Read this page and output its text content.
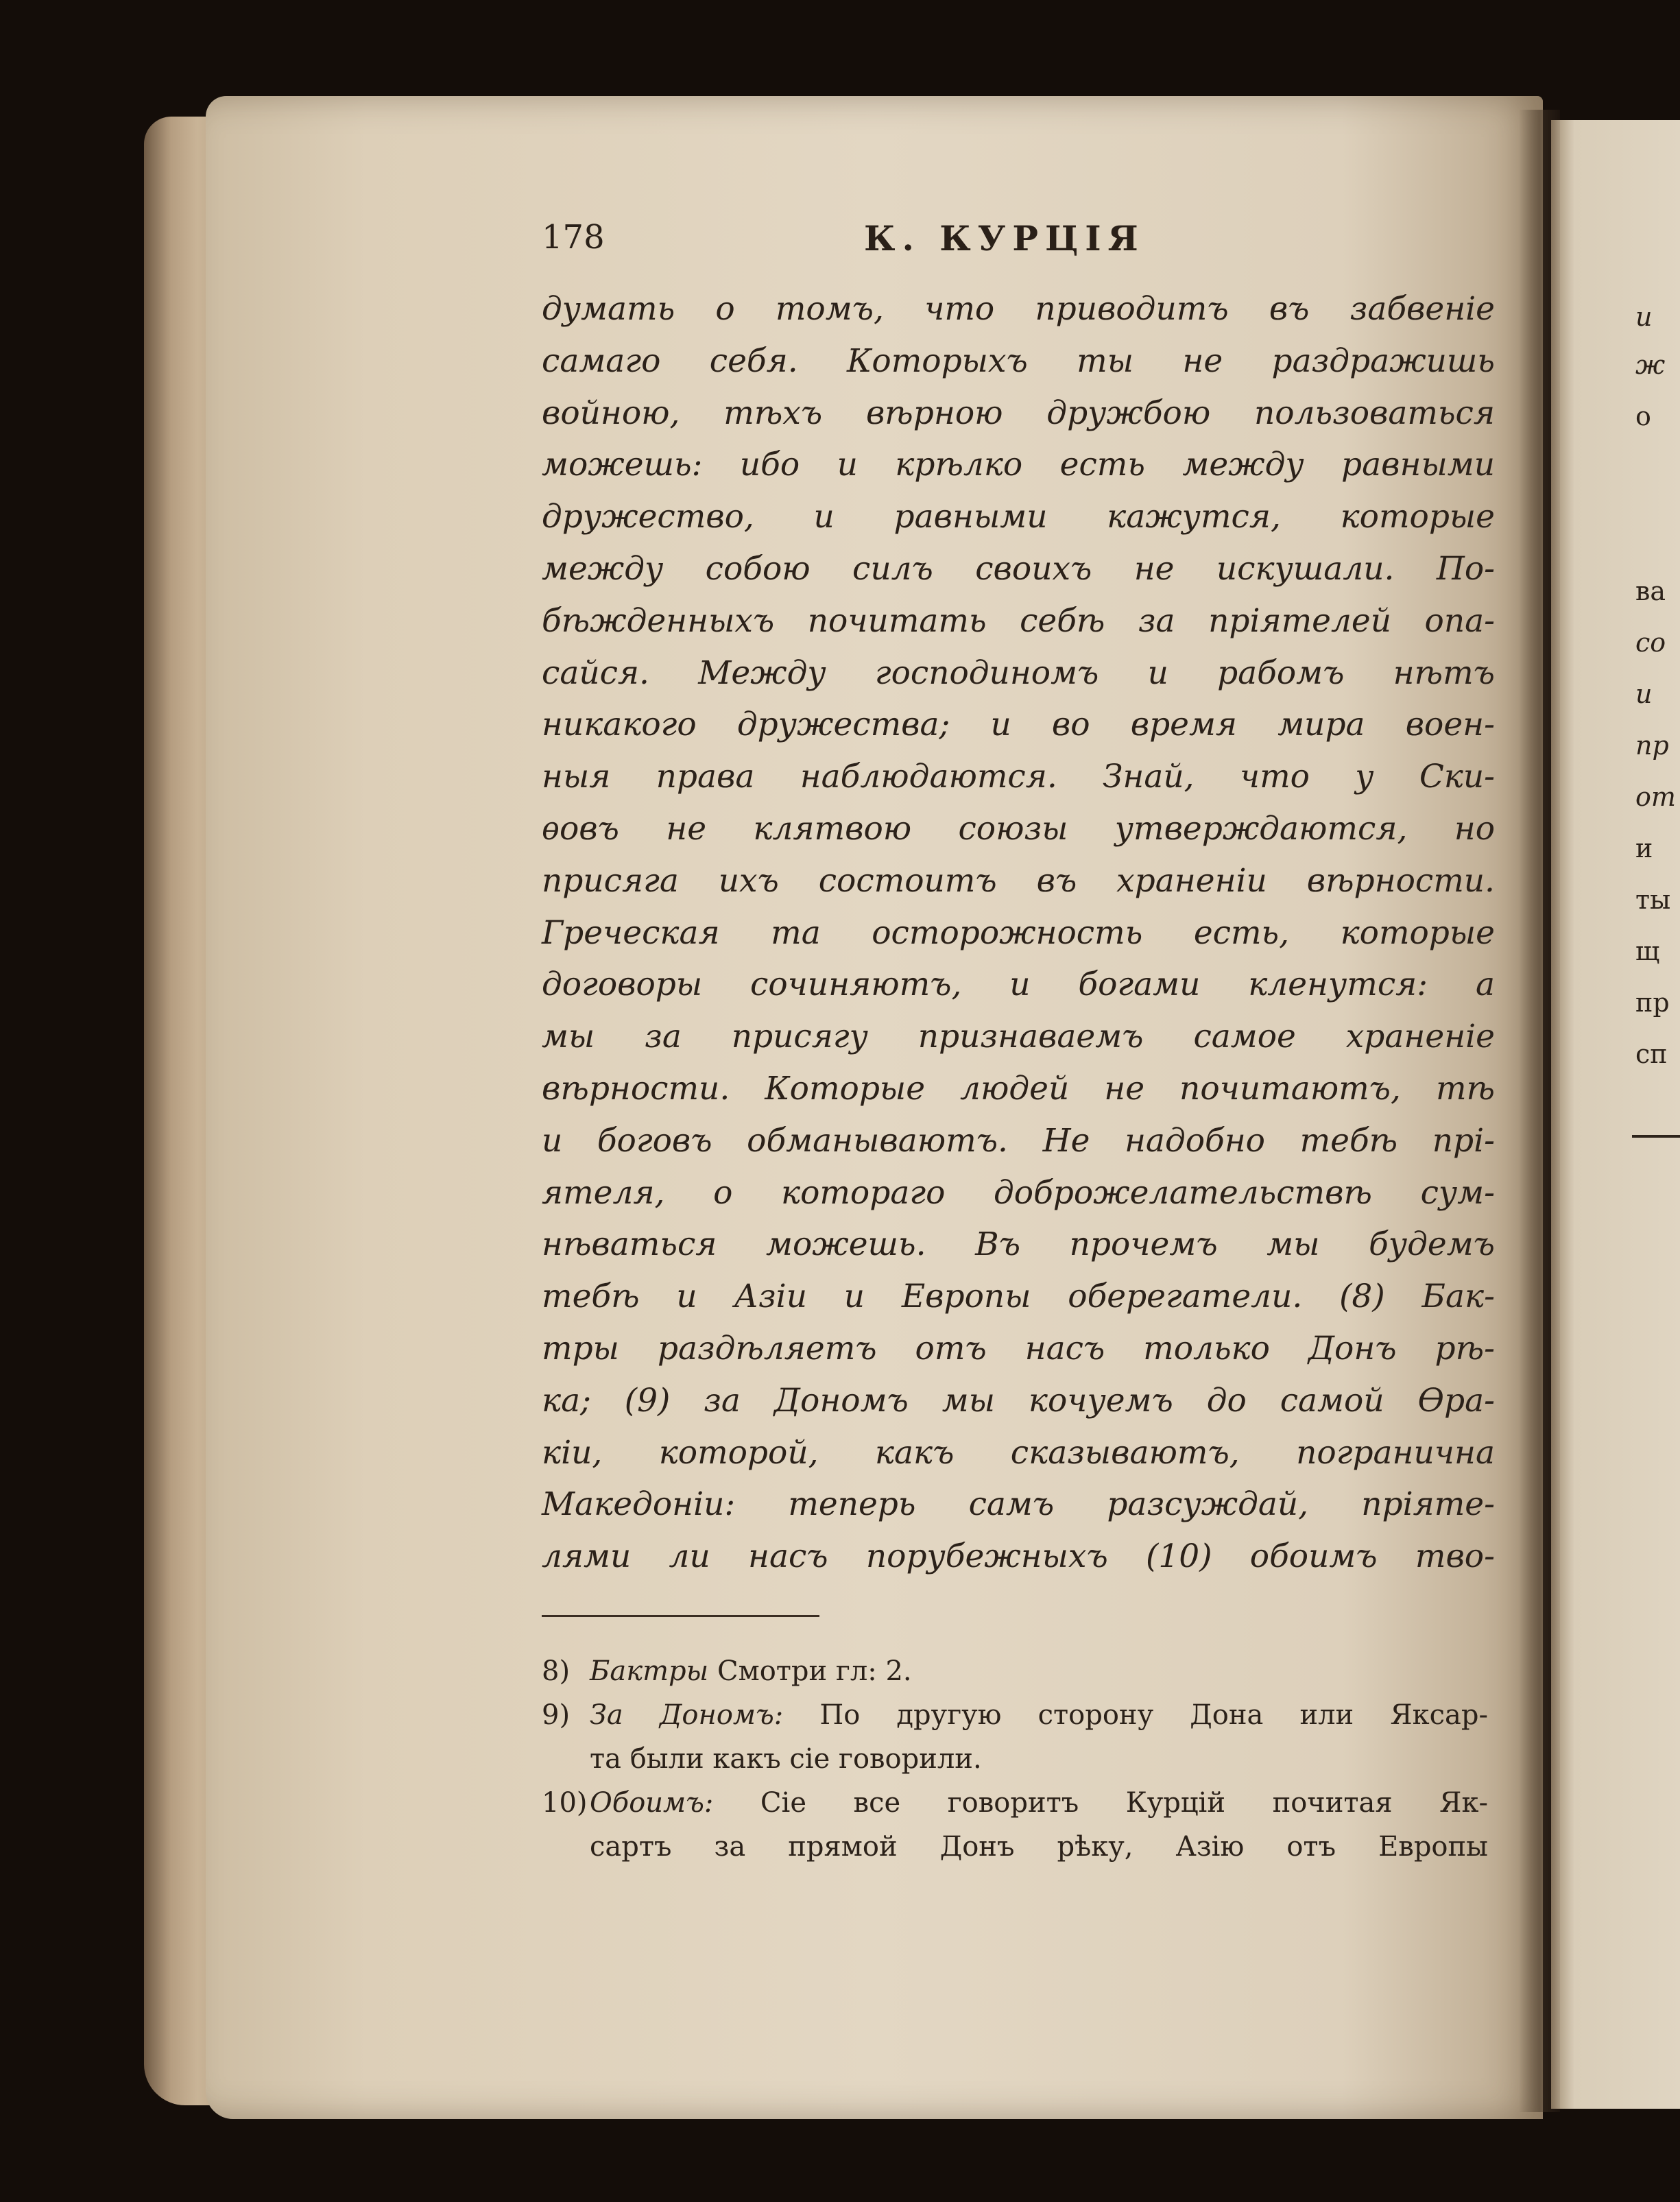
178	К. КУРЦІЯ
думать о томъ, что приводитъ въ забвеніе
самаго себя. Которыхъ ты не раздражишь
войною, тѣхъ вѣрною дружбою пользоваться
можешь: ибо и крѣлко есть между равными
дружество, и равными кажутся, которые
между собою силъ своихъ не искушали. По-
бѣжденныхъ почитать себѣ за пріятелей опа-
сайся. Между господиномъ и рабомъ нѣтъ
никакого дружества; и во время мира воен-
ныя права наблюдаются. Знай, что у Ски-
ѳовъ не клятвою союзы утверждаются, но
присяга ихъ состоитъ въ храненіи вѣрности.
Греческая та осторожность есть, которые
договоры сочиняютъ, и богами кленутся: а
мы за присягу признаваемъ самое храненіе
вѣрности. Которые людей не почитаютъ, тѣ
и боговъ обманываютъ. Не надобно тебѣ прі-
ятеля, о котораго доброжелательствѣ сум-
нѣваться можешь. Въ прочемъ мы будемъ
тебѣ и Азіи и Европы оберегатели. (8) Бак-
тры раздѣляетъ отъ насъ только Донъ рѣ-
ка; (9) за Дономъ мы кочуемъ до самой Ѳра-
кіи, которой, какъ сказываютъ, погранична
Македоніи: теперь самъ разсуждай, пріяте-
лями ли насъ порубежныхъ (10) обоимъ тво-
8) Бактры Смотри гл: 2.
9) За Дономъ: По другую сторону Дона или Яксар-
та были какъ сіе говорили.
10) Обоимъ: Сіе все говоритъ Курцій почитая Як-
сартъ за прямой Донъ рѣку, Азію отъ Европы
и
ж
о
ва
со
и
пр
от
и
ты
щ
пр
сп
